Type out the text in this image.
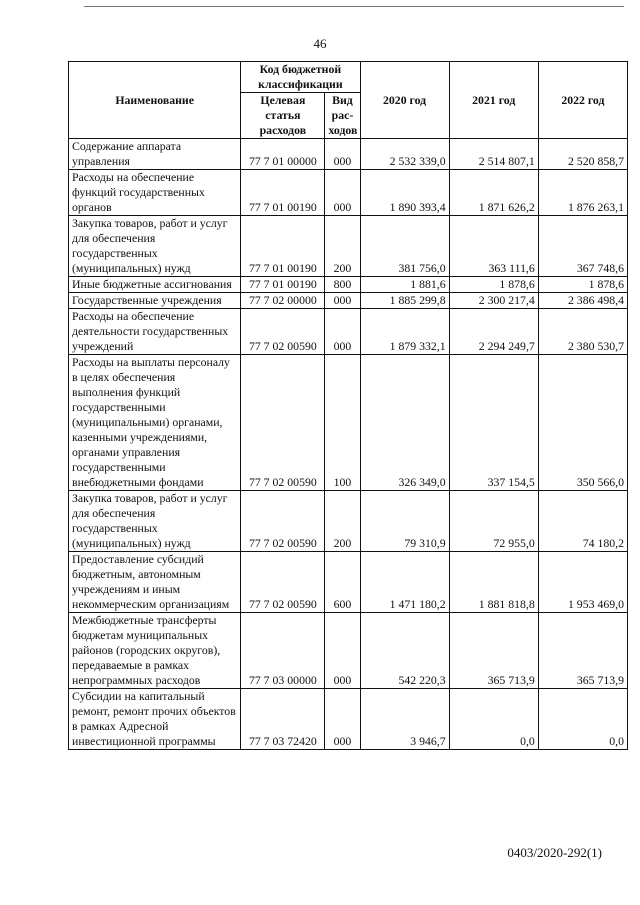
46
Наименование	Код бюджетной классификации		2020 год	2021 год	2022 год
	Целевая статья расходов	Вид рас-ходов			
Содержание аппарата управления	77 7 01 00000	000	2 532 339,0	2 514 807,1	2 520 858,7
Расходы на обеспечение функций государственных органов	77 7 01 00190	000	1 890 393,4	1 871 626,2	1 876 263,1
Закупка товаров, работ и услуг для обеспечения государственных (муниципальных) нужд	77 7 01 00190	200	381 756,0	363 111,6	367 748,6
Иные бюджетные ассигнования	77 7 01 00190	800	1 881,6	1 878,6	1 878,6
Государственные учреждения	77 7 02 00000	000	1 885 299,8	2 300 217,4	2 386 498,4
Расходы на обеспечение деятельности государственных учреждений	77 7 02 00590	000	1 879 332,1	2 294 249,7	2 380 530,7
Расходы на выплаты персоналу в целях обеспечения выполнения функций государственными (муниципальными) органами, казенными учреждениями, органами управления государственными внебюджетными фондами	77 7 02 00590	100	326 349,0	337 154,5	350 566,0
Закупка товаров, работ и услуг для обеспечения государственных (муниципальных) нужд	77 7 02 00590	200	79 310,9	72 955,0	74 180,2
Предоставление субсидий бюджетным, автономным учреждениям и иным некоммерческим организациям	77 7 02 00590	600	1 471 180,2	1 881 818,8	1 953 469,0
Межбюджетные трансферты бюджетам муниципальных районов (городских округов), передаваемые в рамках непрограммных расходов	77 7 03 00000	000	542 220,3	365 713,9	365 713,9
Субсидии на капитальный ремонт, ремонт прочих объектов в рамках Адресной инвестиционной программы	77 7 03 72420	000	3 946,7	0,0	0,0
0403/2020-292(1)
